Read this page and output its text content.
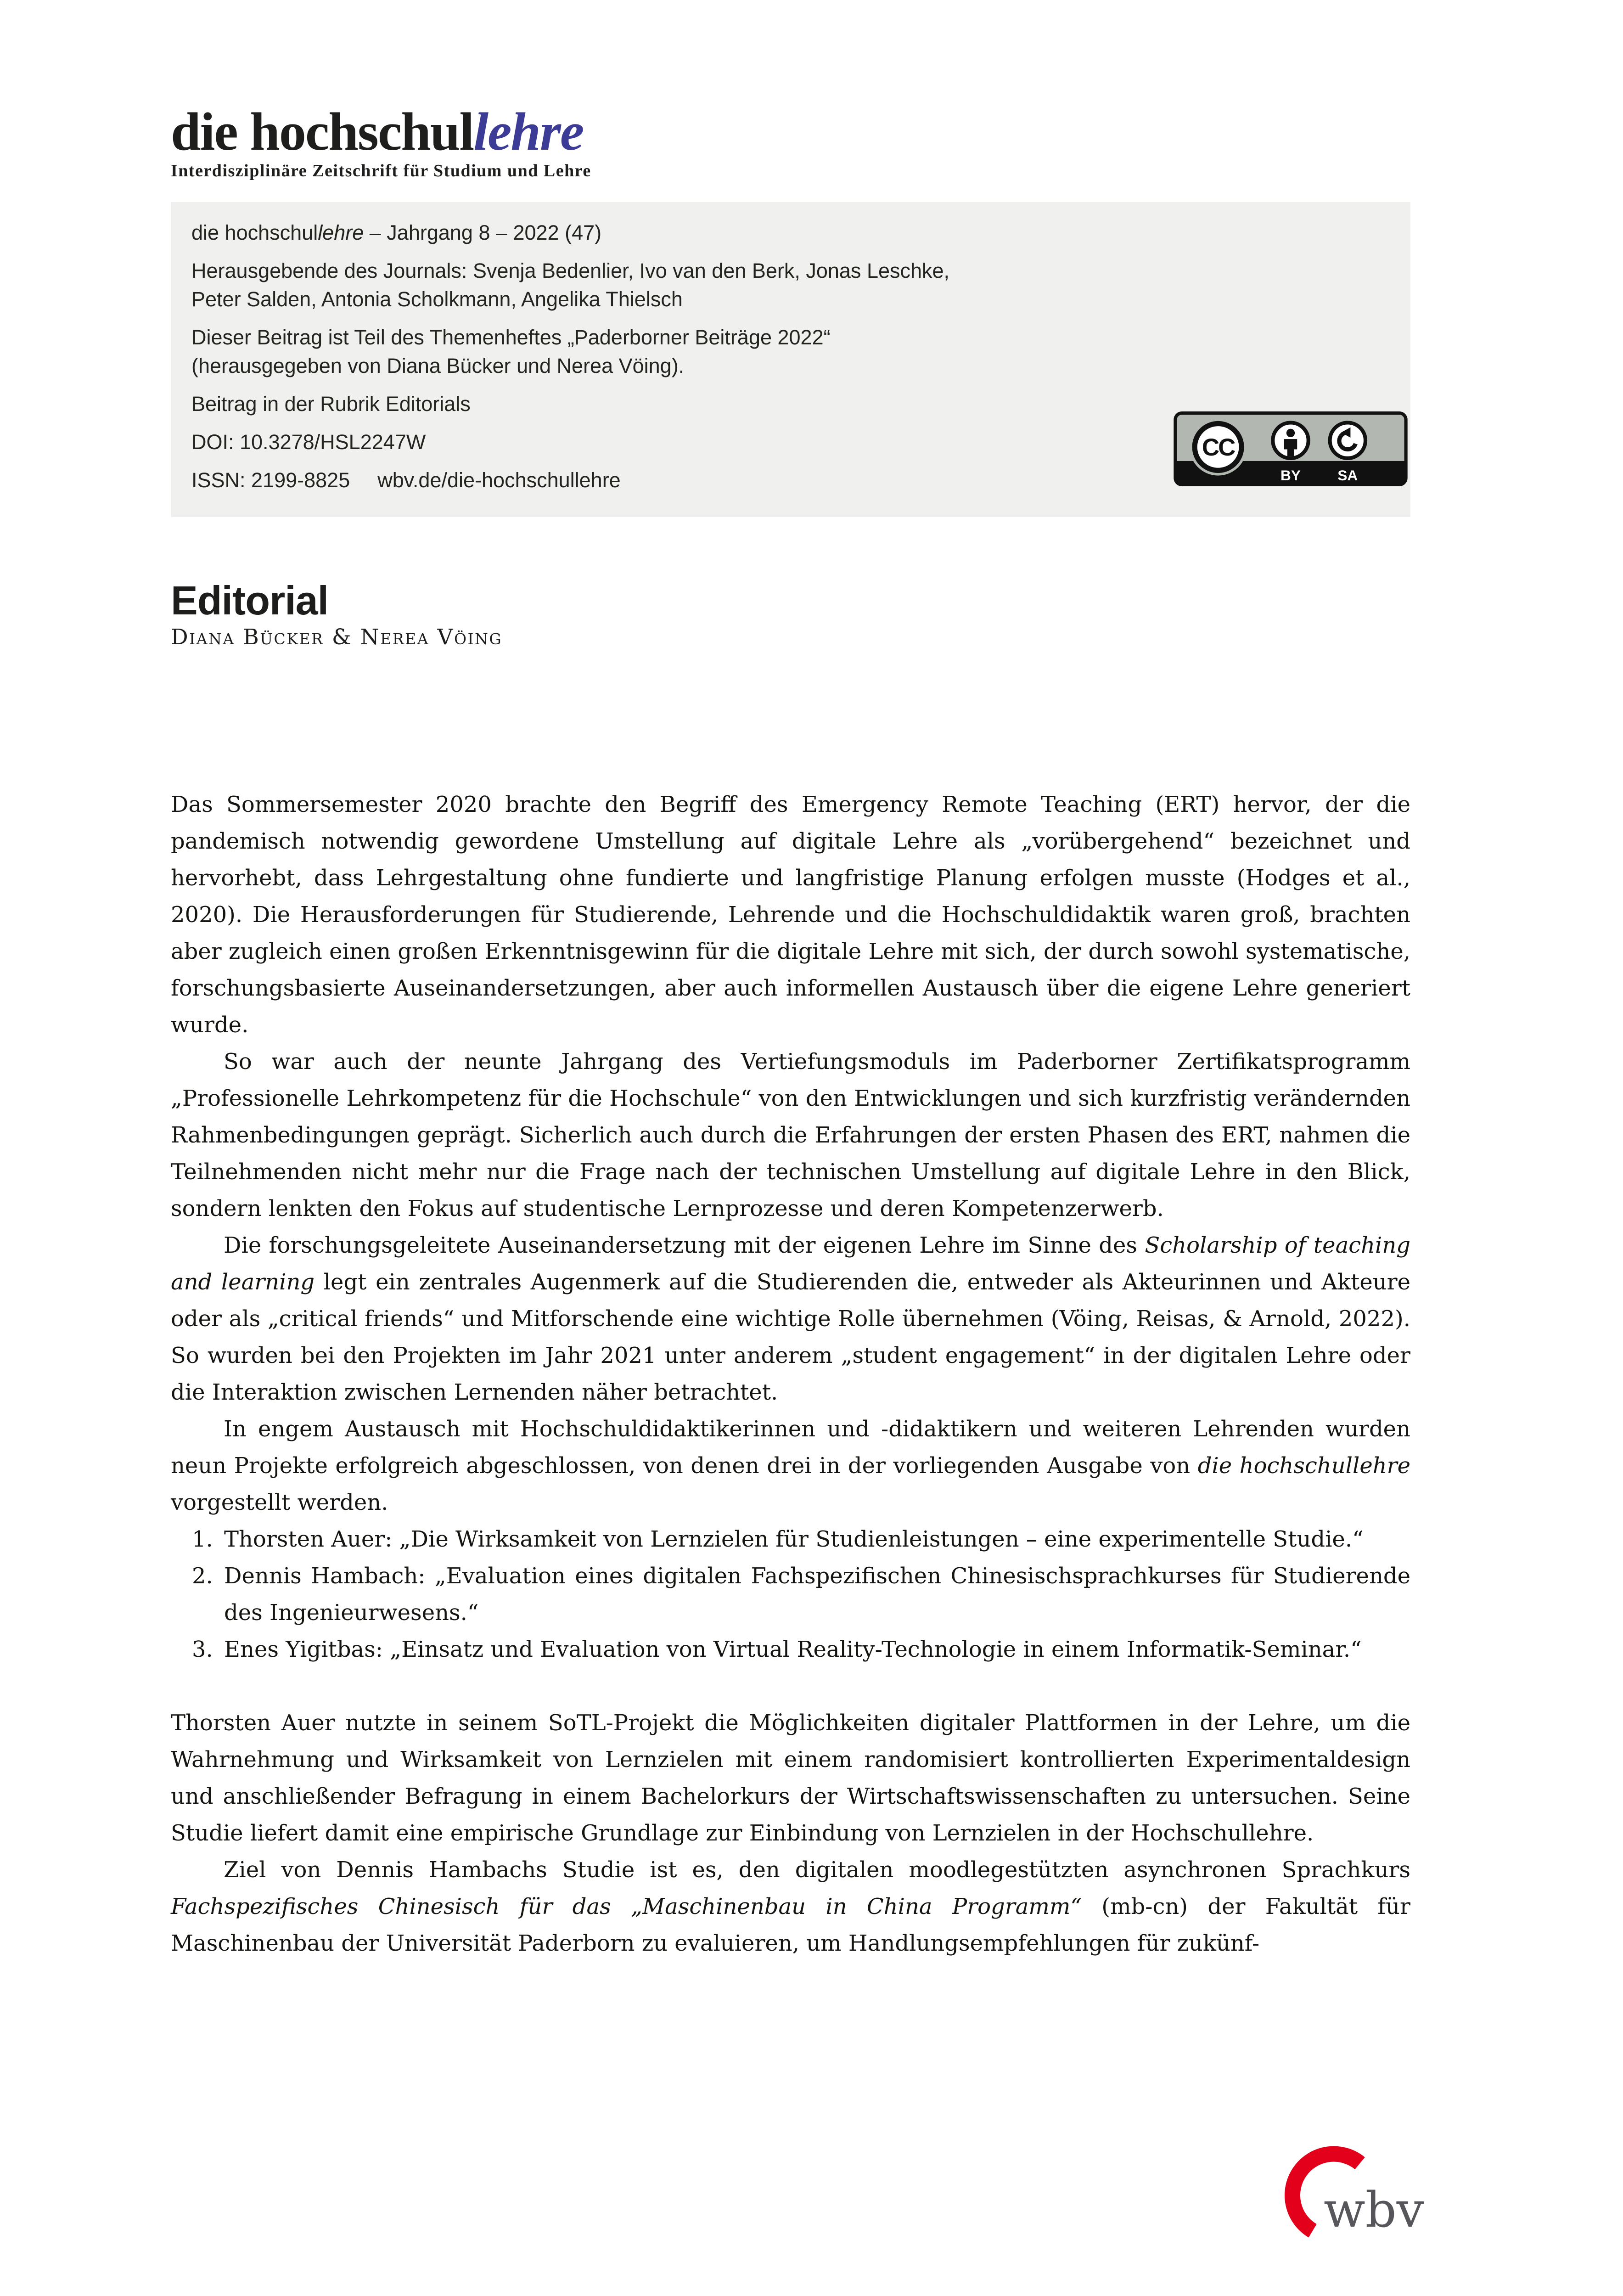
die hochschullehre
Interdisziplinäre Zeitschrift für Studium und Lehre
die hochschullehre – Jahrgang 8 – 2022 (47)
Herausgebende des Journals: Svenja Bedenlier, Ivo van den Berk, Jonas Leschke,
Peter Salden, Antonia Scholkmann, Angelika Thielsch
Dieser Beitrag ist Teil des Themenheftes „Paderborner Beiträge 2022“
(herausgegeben von Diana Bücker und Nerea Vöing).
Beitrag in der Rubrik Editorials
DOI: 10.3278/HSL2247W
ISSN: 2199-8825 wbv.de/die-hochschullehre
CC
BY	SA
Editorial
Diana Bücker & Nerea Vöing

Das Sommersemester 2020 brachte den Begriff des Emergency Remote Teaching (ERT) hervor, der die pandemisch notwendig gewordene Umstellung auf digitale Lehre als „vorübergehend“ bezeichnet und hervorhebt, dass Lehrgestaltung ohne fundierte und langfristige Planung erfolgen musste (Hodges et al., 2020). Die Herausforderungen für Studierende, Lehrende und die Hochschuldidaktik waren groß, brachten aber zugleich einen großen Erkenntnisgewinn für die digitale Lehre mit sich, der durch sowohl systematische, forschungsbasierte Auseinandersetzungen, aber auch informellen Austausch über die eigene Lehre generiert wurde.

So war auch der neunte Jahrgang des Vertiefungsmoduls im Paderborner Zertifikatsprogramm „Professionelle Lehrkompetenz für die Hochschule“ von den Entwicklungen und sich kurzfristig verändernden Rahmenbedingungen geprägt. Sicherlich auch durch die Erfahrungen der ersten Phasen des ERT, nahmen die Teilnehmenden nicht mehr nur die Frage nach der technischen Umstellung auf digitale Lehre in den Blick, sondern lenkten den Fokus auf studentische Lernprozesse und deren Kompetenzerwerb.

Die forschungsgeleitete Auseinandersetzung mit der eigenen Lehre im Sinne des Scholarship of teaching and learning legt ein zentrales Augenmerk auf die Studierenden die, entweder als Akteurinnen und Akteure oder als „critical friends“ und Mitforschende eine wichtige Rolle übernehmen (Vöing, Reisas, & Arnold, 2022). So wurden bei den Projekten im Jahr 2021 unter anderem „student engagement“ in der digitalen Lehre oder die Interaktion zwischen Lernenden näher betrachtet.

In engem Austausch mit Hochschuldidaktikerinnen und -didaktikern und weiteren Lehrenden wurden neun Projekte erfolgreich abgeschlossen, von denen drei in der vorliegenden Ausgabe von die hochschullehre vorgestellt werden.

1. Thorsten Auer: „Die Wirksamkeit von Lernzielen für Studienleistungen – eine experimentelle Studie.“
2. Dennis Hambach: „Evaluation eines digitalen Fachspezifischen Chinesischsprachkurses für Studierende des Ingenieurwesens.“
3. Enes Yigitbas: „Einsatz und Evaluation von Virtual Reality-Technologie in einem Informatik-Seminar.“

Thorsten Auer nutzte in seinem SoTL-Projekt die Möglichkeiten digitaler Plattformen in der Lehre, um die Wahrnehmung und Wirksamkeit von Lernzielen mit einem randomisiert kontrollierten Experimentaldesign und anschließender Befragung in einem Bachelorkurs der Wirtschaftswissenschaften zu untersuchen. Seine Studie liefert damit eine empirische Grundlage zur Einbindung von Lernzielen in der Hochschullehre.

Ziel von Dennis Hambachs Studie ist es, den digitalen moodlegestützten asynchronen Sprachkurs Fachspezifisches Chinesisch für das „Maschinenbau in China Programm“ (mb-cn) der Fakultät für Maschinenbau der Universität Paderborn zu evaluieren, um Handlungsempfehlungen für zukünf-

wbv
